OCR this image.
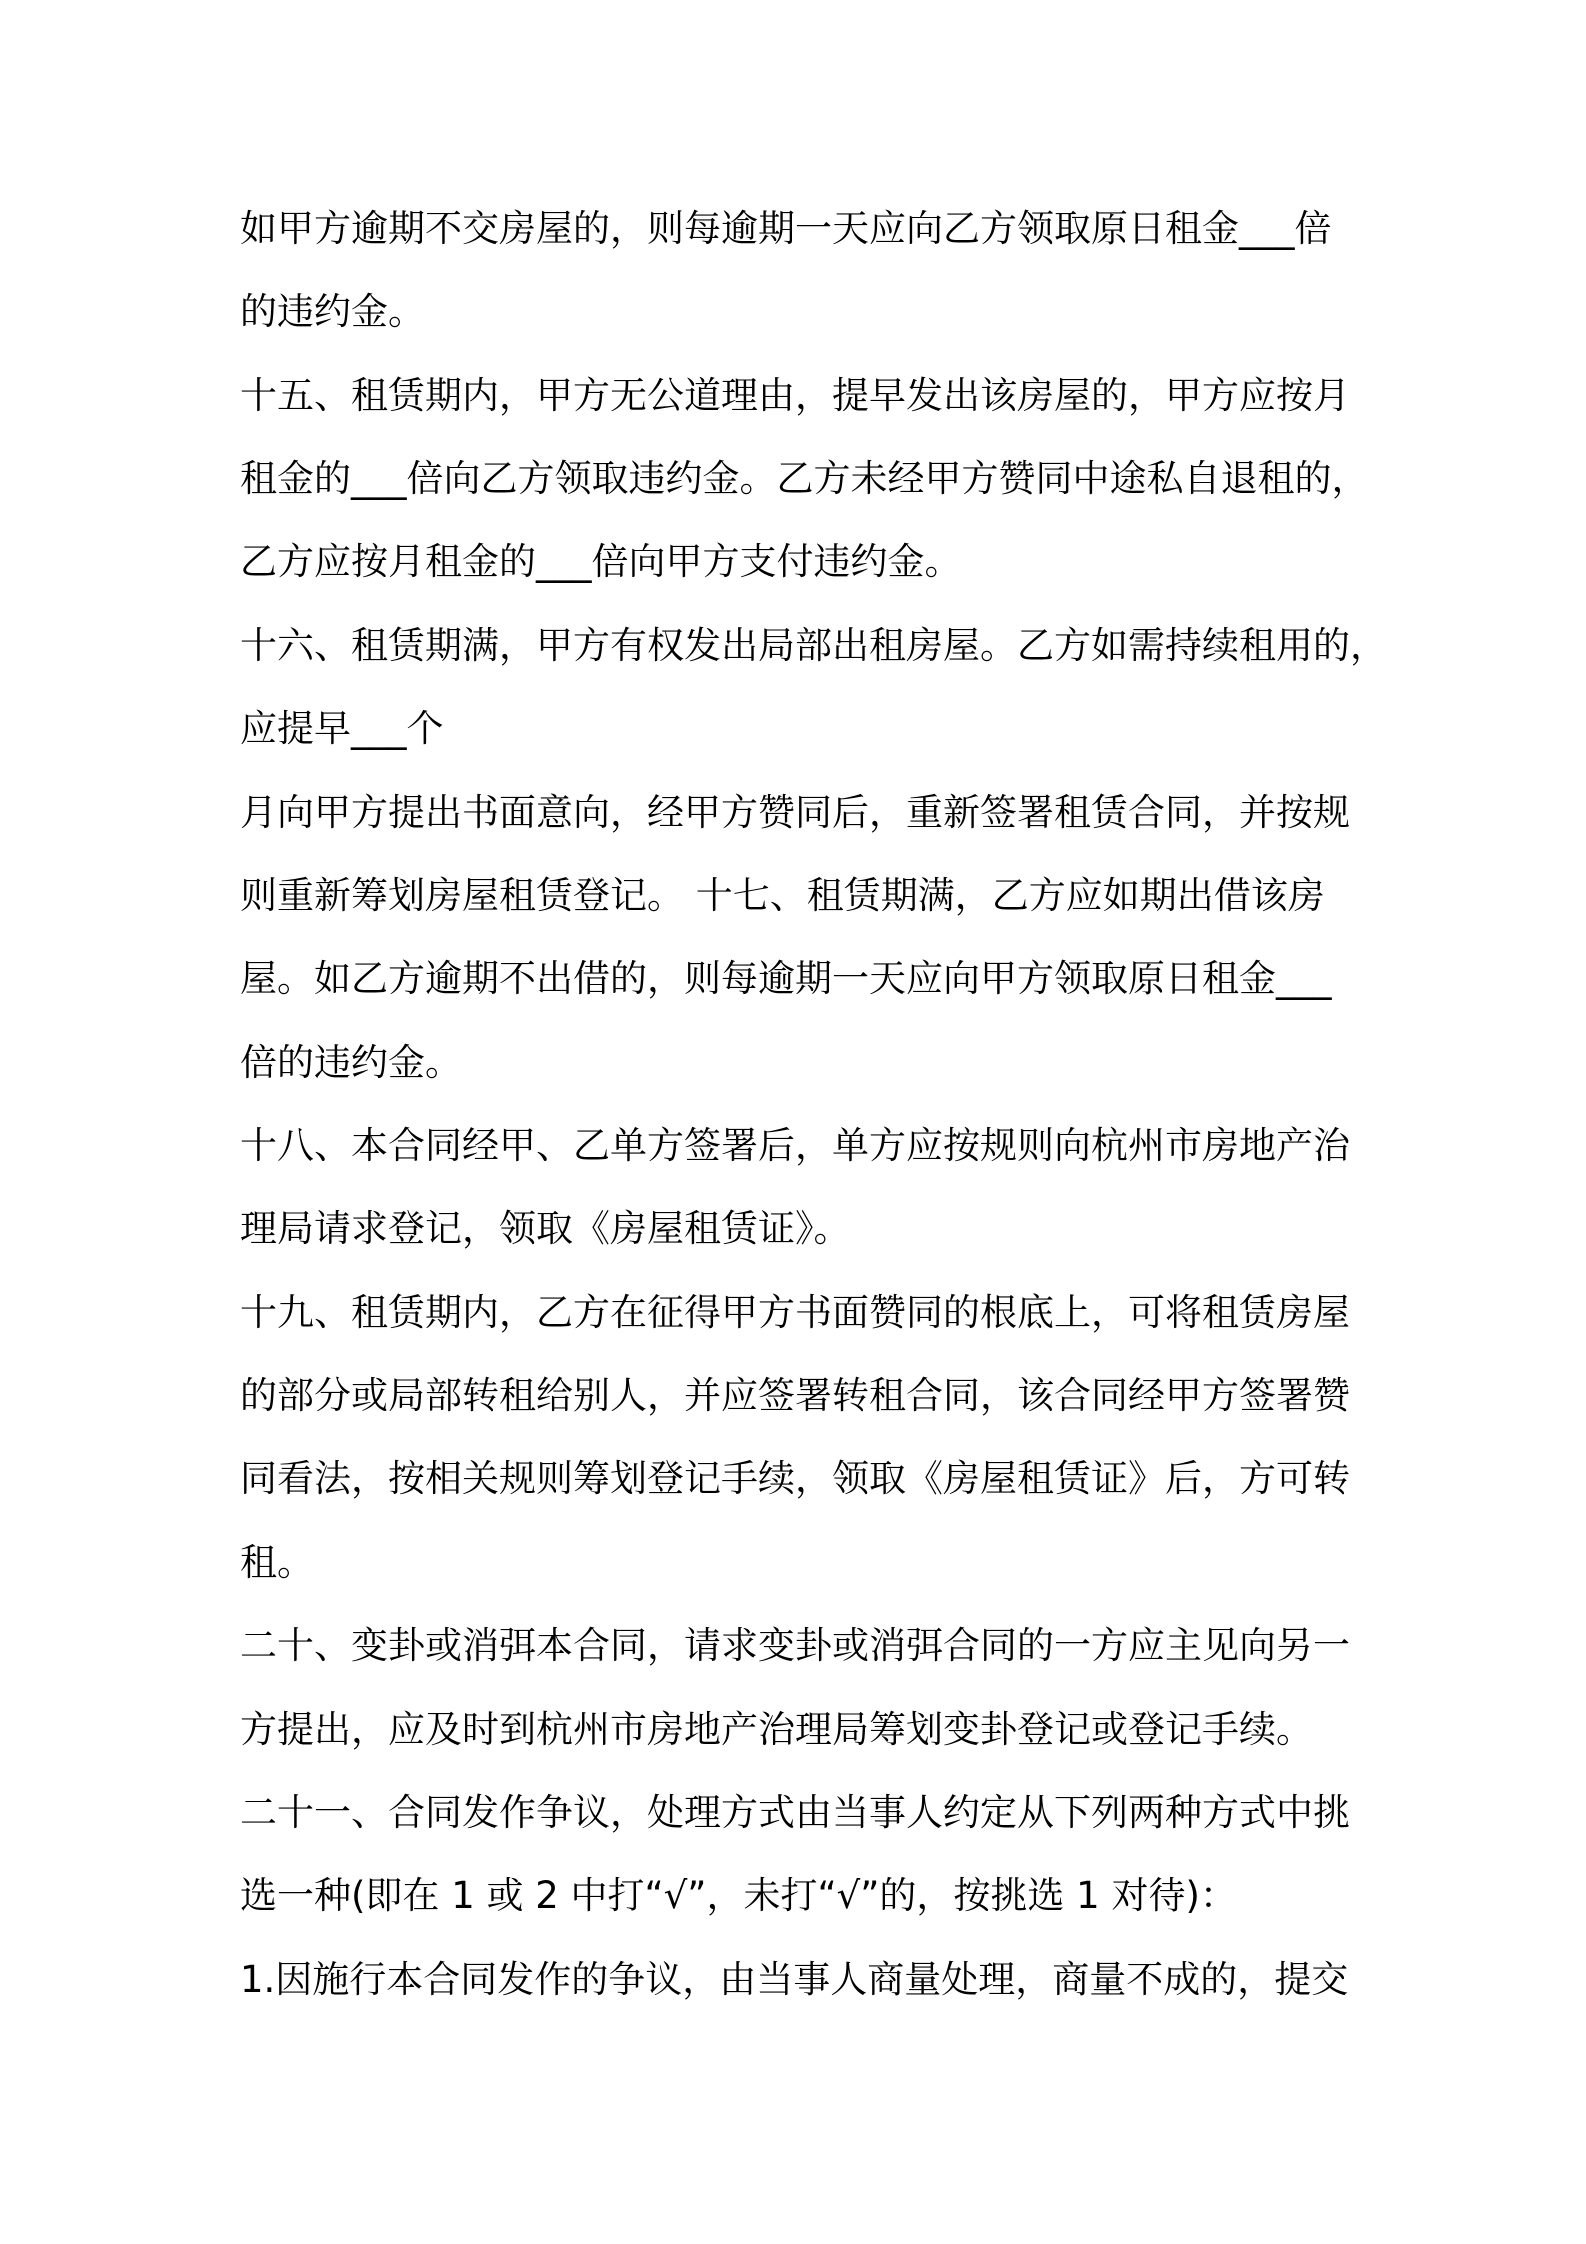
如甲方逾期不交房屋的，则每逾期一天应向乙方领取原日租金___倍

的违约金。

十五、租赁期内，甲方无公道理由，提早发出该房屋的，甲方应按月

租金的___倍向乙方领取违约金。乙方未经甲方赞同中途私自退租的，

乙方应按月租金的___倍向甲方支付违约金。

十六、租赁期满，甲方有权发出局部出租房屋。乙方如需持续租用的，

应提早___个

月向甲方提出书面意向，经甲方赞同后，重新签署租赁合同，并按规

则重新筹划房屋租赁登记。 十七、租赁期满，乙方应如期出借该房

屋。如乙方逾期不出借的，则每逾期一天应向甲方领取原日租金___

倍的违约金。

十八、本合同经甲、乙单方签署后，单方应按规则向杭州市房地产治

理局请求登记，领取《房屋租赁证》。

十九、租赁期内，乙方在征得甲方书面赞同的根底上，可将租赁房屋

的部分或局部转租给别人，并应签署转租合同，该合同经甲方签署赞

同看法，按相关规则筹划登记手续，领取《房屋租赁证》后，方可转

租。

二十、变卦或消弭本合同，请求变卦或消弭合同的一方应主见向另一

方提出，应及时到杭州市房地产治理局筹划变卦登记或登记手续。

二十一、合同发作争议，处理方式由当事人约定从下列两种方式中挑

选一种(即在 1 或 2 中打“√”，未打“√”的，按挑选 1 对待)：

1.因施行本合同发作的争议，由当事人商量处理，商量不成的，提交
